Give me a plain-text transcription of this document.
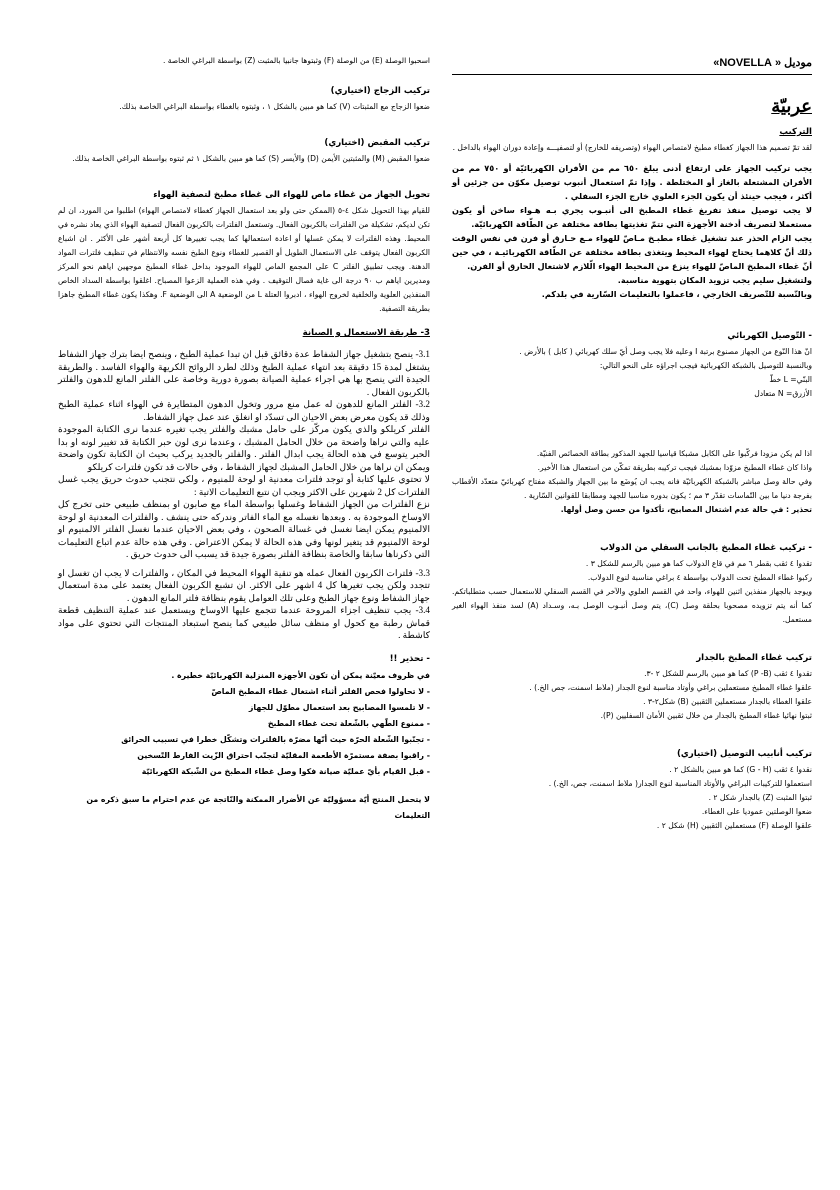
موديل « NOVELLA»
اسحبوا الوصلة (E) من الوصلة (F) وثبتوها جانبيا بالمثبت (Z) بواسطة البراغي الخاصة .
عربيّة
التركيب

لقد تمّ تصميم هذا الجهاز كغطاء مطبخ لامتصاص الهواء (وتصريفه للخارج) أو لتصفيـــه وإعادة دوران الهواء بالداخل .

يجب تركيب الجهاز على ارتفاع أدنى يبلغ ٦٥٠ مم من الأفران الكهربائيّة أو ٧٥٠ مم من الأفران المشتعلة بالغاز أو المختلطة . وإذا تمّ استعمال أنبوب توصيل مكوّن من جزئين أو أكثر ، فيجب حينئذ أن يكون الجزء العلوي خارج الجزء السفلي .

لا يجب توصيل منفذ تفريغ غطاء المطبخ الى أنبـوب يجري بـه هـواء ساخن أو يكون مستعملا لتصريف أدخنة الأجهزة التي تتمّ تغذيتها بطاقة مختلفة عن الطّاقة الكهربائيّة.

يجب الزام الحذر عند تشغيل غطاء مطبـخ مـاصّ للهواء مـع حـارق أو فرن في نفس الوقت ذلك أنّ كلاهما يحتاج لهواء المحيط ويتغذى بطاقة مختلفة عن الطّاقة الكهربائيـة ، في حين أنّ غطاء المطبخ الماصّ للهواء ينزع من المحيط الهواء الّلازم لاشتعال الحارق أو الفرن.

ولتشغيل سليم يجب تزويد المكان بتهوية مناسبة.

وبالنّسبة للتّصريف الخارجي ، فاعملوا بالتعليمات السّارية في بلدكم.

- التّوصيل الكهربائي

انّ هذا النّوع من الجهاز مصنوع برتبة I وعليه فلا يجب وصل أيّ سلك كهربائي ( كابل ) بالأرض .

وبالنسبة للتوصيل بالشبكة الكهربائية فيجب اجراؤه على النحو التالي:

البنّي= L خطّ

الأزرق= N متعادل

اذا لم يكن مزودا فركّبوا على الكابل مشبكا قياسيا للجهد المذكور بطاقة الخصائص الفنيّة.

واذا كان غطاء المطبخ مزوّدا بمشبك فيجب تركيبه بطريقة تمكّن من استعمال هذا الأخير.

وفي حالة وصل مباشر بالشبكة الكهربائيّة فانه يجب ان يُوضَع ما بين الجهاز والشبكة مفتاح كهربائيّ متعدّد الأقطاب بفرجة دنيا ما بين التّماسات تقدّر ٣ مم ؛ يكون بدوره مناسبا للجهد ومطابقا للقوانين السّارية .

تحذير : في حالة عدم اشتغال المصابيح، تأكدوا من حسن وصل أولها.

- تركيب غطاء المطبخ بالجانب السفلي من الدولاب

تقدوا ٤ ثقب بقطر ٦ مم في قاع الدولاب كما هو مبين بالرسم للشكل ٣ .

ركبوا غطاء المطبخ تحت الدولاب بواسطة ٤ براغي مناسبة لنوع الدولاب.

ويوجد بالجهاز منفذين اثنين للهواء، واحد في القسم العلوي والآخر في القسم السفلي للاستعمال حسب متطلباتكم. كما أنه يتم تزويده مصحوبا بحلقة وصل (C)، يتم وصل أنبـوب الوصل بـه، وسـداد (A) لسد منفذ الهواء الغير مستعمل.

تركيب غطاء المطبخ بالجدار

تقدوا ٤ ثقب (P -B) كما هو مبين بالرسم للشكل ٢ -٣.

علقوا غطاء المطبخ مستعملين براغي وأوتاد مناسبة لنوع الجدار (ملاط اسمنت، جص الخ.) .

علقوا الغطاء بالجدار مستعملين الثقبين (B) شكل٢-٣ .

ثبتوا نهائيا غطاء المطبخ بالجدار من خلال ثقبين الأمان السفليين (P).

تركيب أنابيب التوصيل (اختياري)

نقدوا ٤ ثقب (G - H) كما هو مبين بالشكل ٢ .

استعملوا للتركيبات البراغي والأوتاد المناسبة لنوع الجدار( ملاط اسمنت، جص، الخ.) .

ثبتوا المثبت (Z) بالجدار شكل ٢ .

ضعوا الوصلتين عموديا على الغطاء.

علقوا الوصلة (F) مستعملين الثقبين (H) شكل ٢ .

تركيب الزجاج (اختياري)

ضعوا الزجاج مع المثبتات (V) كما هو مبين بالشكل ١ ، وثبتوه بالغطاء بواسطة البراغي الخاصة بذلك.

تركيب المقبض (اختياري)

ضعوا المقبض (M) والمثبتين الأيمن (D) والأيسر (S) كما هو مبين بالشكل ١ ثم ثبتوه بواسطة البراغي الخاصة بذلك.

تحويل الجهاز من غطاء ماص للهواء الى غطاء مطبخ لتصفية الهواء

للقيام بهذا التحويل شكل ٤-٥ (الممكن حتى ولو بعد استعمال الجهاز كغطاء لامتصاص الهواء) اطلبوا من المورد، ان لم تكن لديكم، تشكيلة من الفلترات بالكربون الفعال. وتستعمل الفلترات بالكربون الفعال لتصفية الهواء الذي يعاد نشره في المحيط. وهذه الفلترات لا يمكن غسلها أو اعادة استعمالها كما يجب تغييرها كل أربعة أشهر على الأكثر . ان اشباع الكربون الفعال يتوقف على الاستعمال الطويل أو القصير للغطاء ونوع الطبخ نفسه والانتظام في تنظيف فلترات المواد الدهنة. ويجب تطبيق الفلتر C على المجمع الماص للهواء الموجود بداخل غطاء المطبخ موجهين اياهم نحو المركز ومديرين اياهم ب ٩٠ درجة الى غاية فصال التوقيف . وفي هذه العملية الزعوا المصباح. اغلقوا بواسطة السداد الخاص المنفذين العلوية والخلفية لخروج الهواء ، ادبروا العتلة L من الوضعية A الى الوضعية F. وهكذا يكون غطاء المطبخ جاهزا بطريقة التصفية.

3- طريقة الاستعمال و الصيانة

3.1- ينصح بتشغيل جهاز الشفاط عدة دقائق قبل ان تبدا عملية الطبخ ، وينصح ايضا بترك جهاز الشفاط يشتغل لمدة 15 دقيقة بعد انتهاء عملية الطبخ وذلك لطرد الروائح الكريهة والهواء الفاسد . والطريقة الجيدة التي ينصح بها هي اجراء عملية الصيانة بصورة دورية وخاصة على الفلتر المانع للدهون والفلتر بالكربون الفعال .

3.2- الفلتر المانع للدهون له عمل منع مرور وتخول الدهون المتطايرة في الهواء اثناء عملية الطبخ وذلك قد يكون معرض بعض الاحيان الى تسدّد او انغلق عند عمل جهاز الشفاط.

الفلتر كريلكو والذي يكون مركّز على حامل مشبك والفلتر يجب تغيره عندما نرى الكتابة الموجودة عليه والتي نراها واضحة من خلال الحامل المشبك ، وعندما نرى لون حبر الكتابة قد تغيير لونه او بدا الحبر يتوسع في هذه الحالة يجب ابدال الفلتر . والفلتر بالجديد يركب بحيث ان الكتابة تكون واضحة ويمكن ان نراها من خلال الحامل المشبك لجهاز الشفاط ، وفي حالات قد تكون فلترات كريلكو

لا تحتوي عليها كتابة أو توجد فلترات معدنية او لوحة للمنيوم ، ولكي نتجنب حدوث حريق يجب غسل الفلترات كل 2 شهرين على الاكثر ويجب ان نتبع التعليمات الاتية :

نزع الفلترات من الجهاز الشفاط وغسلها بواسطة الماء مع صابون او بمنظف طبيعي حتى تخرج كل الاوساخ الموجودة به . وبعدها نغسله مع الماء الفاتر وندركه حتى ينشف . والفلترات المعدنية او لوحة الالمنيوم يمكن ايضا نغسل في غسالة الصحون ، وفي بعض الاحيان عندما نغسل الفلتر الالمنيوم او لوحة الالمنيوم قد يتغير لونها وفي هذه الحالة لا يمكن الاعتراض . وفي هذه حالة عدم اتباع التعليمات التي ذكرناها سابقا والخاصة بنظافة الفلتر بصورة جيدة قد يسبب الى حدوث حريق .

3.3- فلترات الكربون الفعال عمله هو تنقية الهواء المحيط في المكان ، والفلترات لا يجب ان تغسل او تتجدد ولكن يجب تغيرها كل 4 اشهر على الاكثر. ان تشبع الكربون الفعال يعتمد على مدة استعمال جهاز الشفاط ونوع جهاز الطبخ وعلى تلك العوامل يقوم بنظافة فلتر المانع الدهون .

3.4- يجب تنظيف اجزاء المروحة عندما تتجمع عليها الاوساخ ويستعمل عند عملية التنظيف قطعة قماش رطبة مع كحول او منظف سائل طبيعي كما ينصح استبعاد المنتجات التي تحتوي على مواد كاشطة .

- تحذير !!

في ظروف معيّنة يمكن أن تكون الأجهزة المنزلية الكهربائيّة خطيرة .

- لا تحاولوا فحص الفلتر أثناء اشتغال غطاء المطبخ الماصّ

- لا تلمسوا المصابيح بعد استعمال مطوّل للجهاز

- ممنوع الطّهي بالشّعلة تحت غطاء المطبخ

- تجنّبوا الشّعلة الحرّة حيث أنّها مضرّة بالفلترات وتشكّل خطرا في تسبيب الحرائق

- راقبوا بصفة مستمرّة الأطعمة المقليّة لتجنّب احتراق الزّيت الفارط التّسخين

- قبل القيام بأيّ عمليّة صيانة فكوا وصل غطاء المطبخ من الشّبكة الكهربائيّة

لا يتحمل المنتج أيّة مسؤوليّة عن الأضرار الممكنة والنّاتجة عن عدم احترام ما سبق ذكره من التعليمات
